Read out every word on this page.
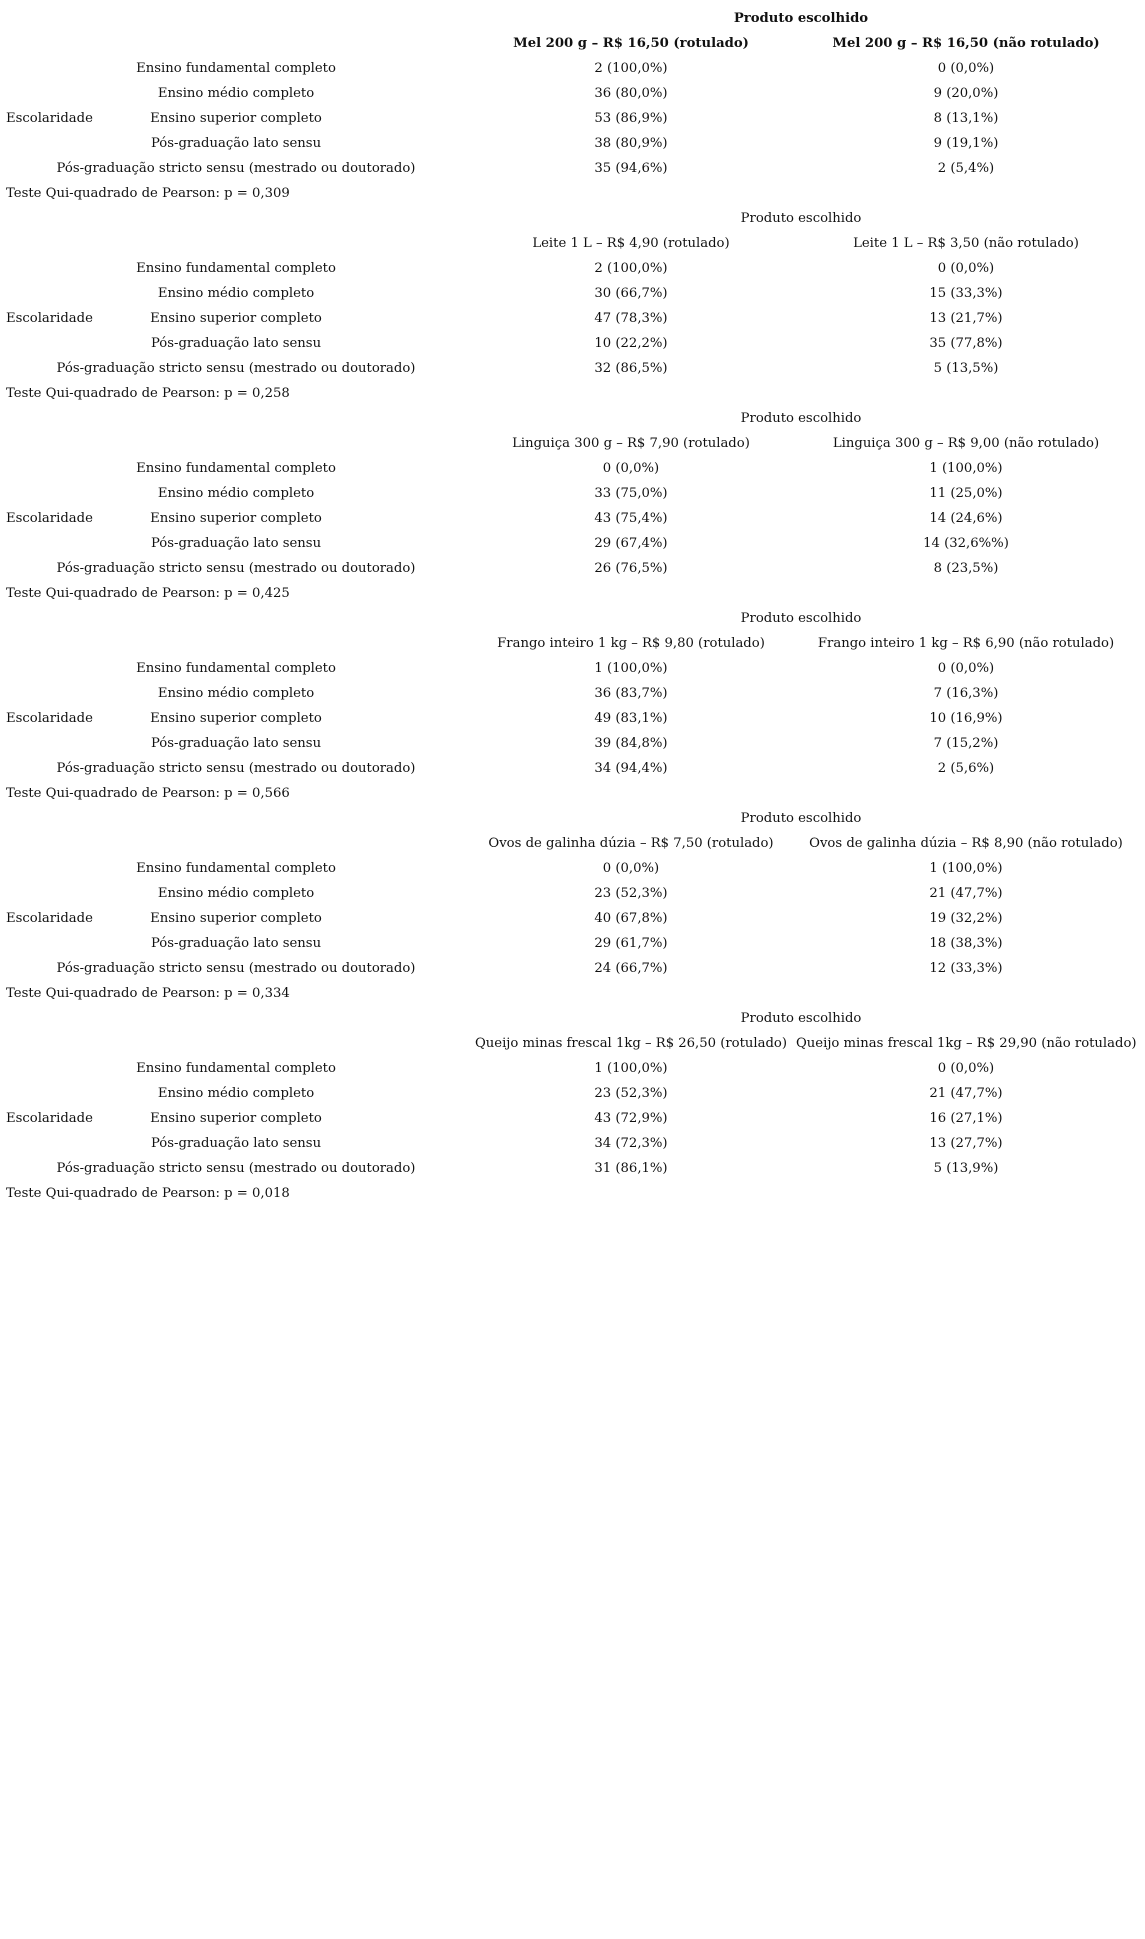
Produto escolhido
Mel 200 g – R$ 16,50 (rotulado)	Mel 200 g – R$ 16,50 (não rotulado)
Ensino fundamental completo	2 (100,0%)	0 (0,0%)
Ensino médio completo	36 (80,0%)	9 (20,0%)
Escolaridade	Ensino superior completo	53 (86,9%)	8 (13,1%)
Pós-graduação lato sensu	38 (80,9%)	9 (19,1%)
Pós-graduação stricto sensu (mestrado ou doutorado)	35 (94,6%)	2 (5,4%)
Teste Qui-quadrado de Pearson: p = 0,309
Produto escolhido
Leite 1 L – R$ 4,90 (rotulado)	Leite 1 L – R$ 3,50 (não rotulado)
Ensino fundamental completo	2 (100,0%)	0 (0,0%)
Ensino médio completo	30 (66,7%)	15 (33,3%)
Escolaridade	Ensino superior completo	47 (78,3%)	13 (21,7%)
Pós-graduação lato sensu	10 (22,2%)	35 (77,8%)
Pós-graduação stricto sensu (mestrado ou doutorado)	32 (86,5%)	5 (13,5%)
Teste Qui-quadrado de Pearson: p = 0,258
Produto escolhido
Linguiça 300 g – R$ 7,90 (rotulado)	Linguiça 300 g – R$ 9,00 (não rotulado)
Ensino fundamental completo	0 (0,0%)	1 (100,0%)
Ensino médio completo	33 (75,0%)	11 (25,0%)
Escolaridade	Ensino superior completo	43 (75,4%)	14 (24,6%)
Pós-graduação lato sensu	29 (67,4%)	14 (32,6%%)
Pós-graduação stricto sensu (mestrado ou doutorado)	26 (76,5%)	8 (23,5%)
Teste Qui-quadrado de Pearson: p = 0,425
Produto escolhido
Frango inteiro 1 kg – R$ 9,80 (rotulado)	Frango inteiro 1 kg – R$ 6,90 (não rotulado)
Ensino fundamental completo	1 (100,0%)	0 (0,0%)
Ensino médio completo	36 (83,7%)	7 (16,3%)
Escolaridade	Ensino superior completo	49 (83,1%)	10 (16,9%)
Pós-graduação lato sensu	39 (84,8%)	7 (15,2%)
Pós-graduação stricto sensu (mestrado ou doutorado)	34 (94,4%)	2 (5,6%)
Teste Qui-quadrado de Pearson: p = 0,566
Produto escolhido
Ovos de galinha dúzia – R$ 7,50 (rotulado)	Ovos de galinha dúzia – R$ 8,90 (não rotulado)
Ensino fundamental completo	0 (0,0%)	1 (100,0%)
Ensino médio completo	23 (52,3%)	21 (47,7%)
Escolaridade	Ensino superior completo	40 (67,8%)	19 (32,2%)
Pós-graduação lato sensu	29 (61,7%)	18 (38,3%)
Pós-graduação stricto sensu (mestrado ou doutorado)	24 (66,7%)	12 (33,3%)
Teste Qui-quadrado de Pearson: p = 0,334
Produto escolhido
Queijo minas frescal 1kg – R$ 26,50 (rotulado) Queijo minas frescal 1kg – R$ 29,90 (não rotulado)
Ensino fundamental completo	1 (100,0%)	0 (0,0%)
Ensino médio completo	23 (52,3%)	21 (47,7%)
Escolaridade	Ensino superior completo	43 (72,9%)	16 (27,1%)
Pós-graduação lato sensu	34 (72,3%)	13 (27,7%)
Pós-graduação stricto sensu (mestrado ou doutorado)	31 (86,1%)	5 (13,9%)
Teste Qui-quadrado de Pearson: p = 0,018
